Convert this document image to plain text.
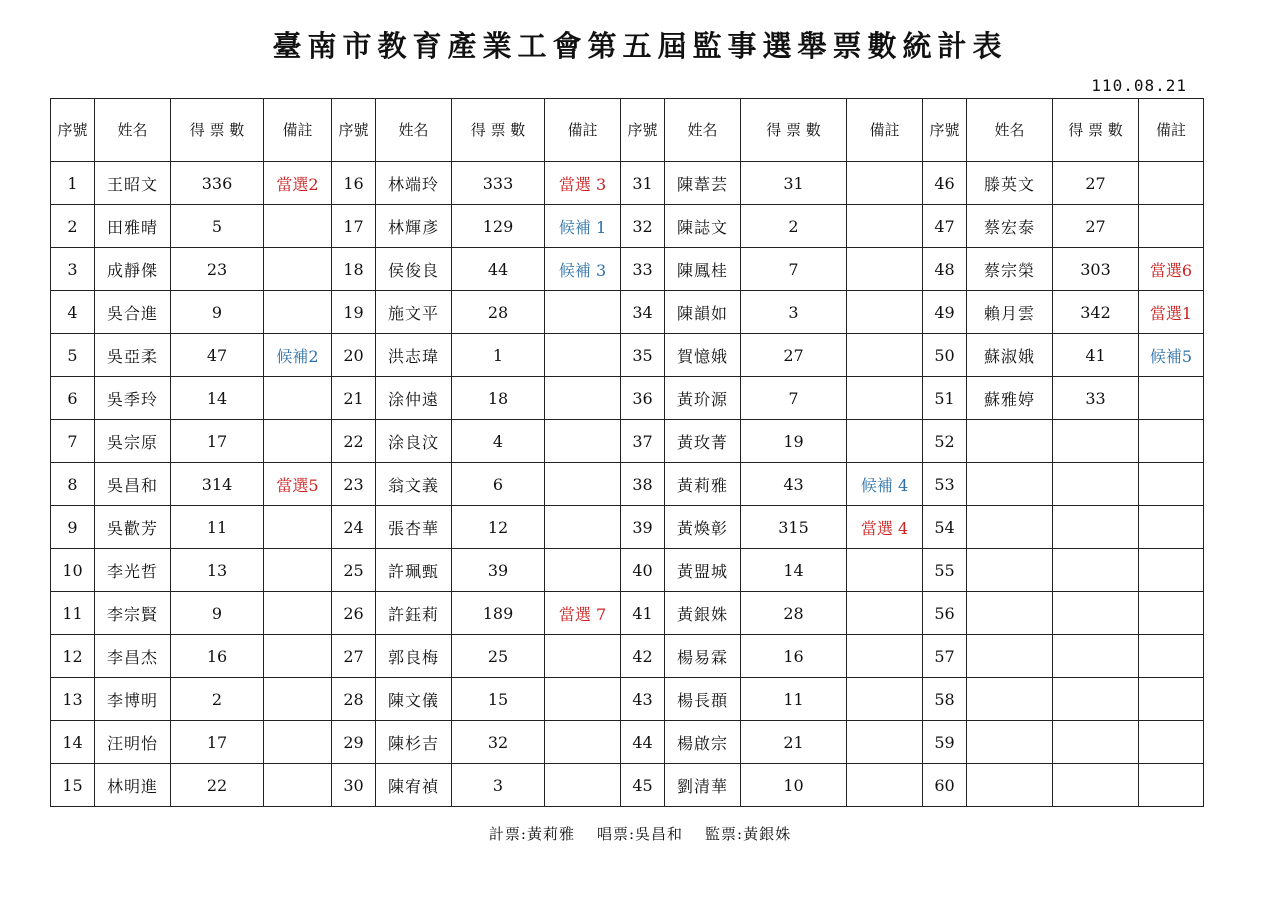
臺南市教育產業工會第五屆監事選舉票數統計表
110.08.21
序號	姓名	得 票 數	備註	序號	姓名	得 票 數	備註	序號	姓名	得 票 數	備註	序號	姓名	得 票 數	備註
1	王昭文	336	當選2	16	林端玲	333	當選 3	31	陳葦芸	31		46	滕英文	27	
2	田雅晴	5		17	林輝彥	129	候補 1	32	陳誌文	2		47	蔡宏泰	27	
3	成靜傑	23		18	侯俊良	44	候補 3	33	陳鳳桂	7		48	蔡宗榮	303	當選6
4	吳合進	9		19	施文平	28		34	陳韻如	3		49	賴月雲	342	當選1
5	吳亞柔	47	候補2	20	洪志瑋	1		35	賀憶娥	27		50	蘇淑娥	41	候補5
6	吳季玲	14		21	涂仲遠	18		36	黃玠源	7		51	蘇雅婷	33	
7	吳宗原	17		22	涂良汶	4		37	黃玫菁	19		52			
8	吳昌和	314	當選5	23	翁文義	6		38	黃莉雅	43	候補 4	53			
9	吳歡芳	11		24	張杏華	12		39	黃煥彰	315	當選 4	54			
10	李光哲	13		25	許珮甄	39		40	黃盟城	14		55			
11	李宗賢	9		26	許鈺莉	189	當選 7	41	黃銀姝	28		56			
12	李昌杰	16		27	郭良梅	25		42	楊易霖	16		57			
13	李博明	2		28	陳文儀	15		43	楊長頵	11		58			
14	汪明怡	17		29	陳杉吉	32		44	楊啟宗	21		59			
15	林明進	22		30	陳宥禎	3		45	劉清華	10		60			
計票:黃莉雅 唱票:吳昌和 監票:黃銀姝
